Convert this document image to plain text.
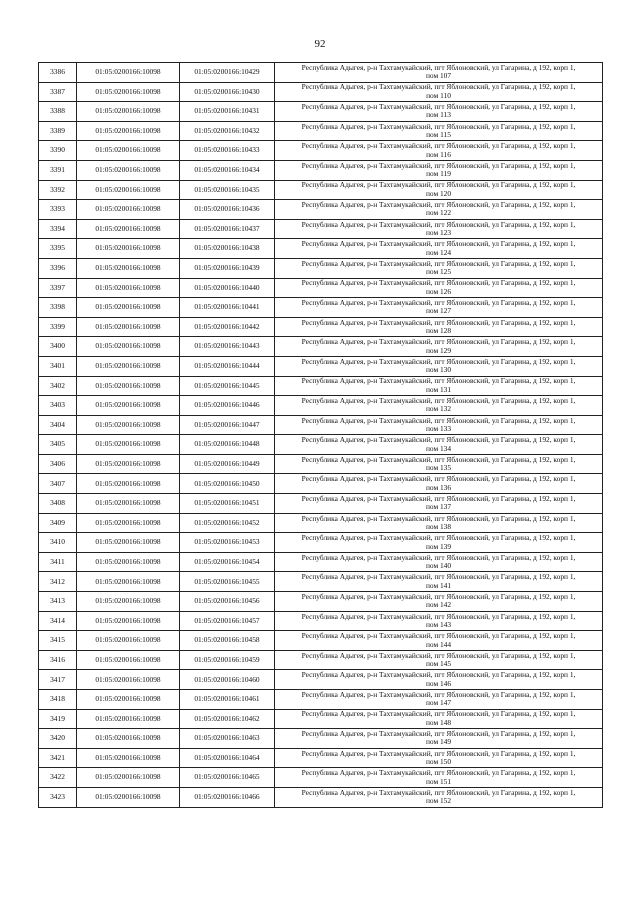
92
3386	01:05:0200166:10098	01:05:0200166:10429	Республика Адыгея, р-н Тахтамукайский, пгт Яблоновский, ул Гагарина, д 192, корп 1,
пом 107

3387	01:05:0200166:10098	01:05:0200166:10430	Республика Адыгея, р-н Тахтамукайский, пгт Яблоновский, ул Гагарина, д 192, корп 1,
пом 110

3388	01:05:0200166:10098	01:05:0200166:10431	Республика Адыгея, р-н Тахтамукайский, пгт Яблоновский, ул Гагарина, д 192, корп 1,
пом 113

3389	01:05:0200166:10098	01:05:0200166:10432	Республика Адыгея, р-н Тахтамукайский, пгт Яблоновский, ул Гагарина, д 192, корп 1,
пом 115

3390	01:05:0200166:10098	01:05:0200166:10433	Республика Адыгея, р-н Тахтамукайский, пгт Яблоновский, ул Гагарина, д 192, корп 1,
пом 116

3391	01:05:0200166:10098	01:05:0200166:10434	Республика Адыгея, р-н Тахтамукайский, пгт Яблоновский, ул Гагарина, д 192, корп 1,
пом 119

3392	01:05:0200166:10098	01:05:0200166:10435	Республика Адыгея, р-н Тахтамукайский, пгт Яблоновский, ул Гагарина, д 192, корп 1,
пом 120

3393	01:05:0200166:10098	01:05:0200166:10436	Республика Адыгея, р-н Тахтамукайский, пгт Яблоновский, ул Гагарина, д 192, корп 1,
пом 122

3394	01:05:0200166:10098	01:05:0200166:10437	Республика Адыгея, р-н Тахтамукайский, пгт Яблоновский, ул Гагарина, д 192, корп 1,
пом 123

3395	01:05:0200166:10098	01:05:0200166:10438	Республика Адыгея, р-н Тахтамукайский, пгт Яблоновский, ул Гагарина, д 192, корп 1,
пом 124

3396	01:05:0200166:10098	01:05:0200166:10439	Республика Адыгея, р-н Тахтамукайский, пгт Яблоновский, ул Гагарина, д 192, корп 1,
пом 125

3397	01:05:0200166:10098	01:05:0200166:10440	Республика Адыгея, р-н Тахтамукайский, пгт Яблоновский, ул Гагарина, д 192, корп 1,
пом 126

3398	01:05:0200166:10098	01:05:0200166:10441	Республика Адыгея, р-н Тахтамукайский, пгт Яблоновский, ул Гагарина, д 192, корп 1,
пом 127

3399	01:05:0200166:10098	01:05:0200166:10442	Республика Адыгея, р-н Тахтамукайский, пгт Яблоновский, ул Гагарина, д 192, корп 1,
пом 128

3400	01:05:0200166:10098	01:05:0200166:10443	Республика Адыгея, р-н Тахтамукайский, пгт Яблоновский, ул Гагарина, д 192, корп 1,
пом 129

3401	01:05:0200166:10098	01:05:0200166:10444	Республика Адыгея, р-н Тахтамукайский, пгт Яблоновский, ул Гагарина, д 192, корп 1,
пом 130

3402	01:05:0200166:10098	01:05:0200166:10445	Республика Адыгея, р-н Тахтамукайский, пгт Яблоновский, ул Гагарина, д 192, корп 1,
пом 131

3403	01:05:0200166:10098	01:05:0200166:10446	Республика Адыгея, р-н Тахтамукайский, пгт Яблоновский, ул Гагарина, д 192, корп 1,
пом 132

3404	01:05:0200166:10098	01:05:0200166:10447	Республика Адыгея, р-н Тахтамукайский, пгт Яблоновский, ул Гагарина, д 192, корп 1,
пом 133

3405	01:05:0200166:10098	01:05:0200166:10448	Республика Адыгея, р-н Тахтамукайский, пгт Яблоновский, ул Гагарина, д 192, корп 1,
пом 134

3406	01:05:0200166:10098	01:05:0200166:10449	Республика Адыгея, р-н Тахтамукайский, пгт Яблоновский, ул Гагарина, д 192, корп 1,
пом 135

3407	01:05:0200166:10098	01:05:0200166:10450	Республика Адыгея, р-н Тахтамукайский, пгт Яблоновский, ул Гагарина, д 192, корп 1,
пом 136

3408	01:05:0200166:10098	01:05:0200166:10451	Республика Адыгея, р-н Тахтамукайский, пгт Яблоновский, ул Гагарина, д 192, корп 1,
пом 137

3409	01:05:0200166:10098	01:05:0200166:10452	Республика Адыгея, р-н Тахтамукайский, пгт Яблоновский, ул Гагарина, д 192, корп 1,
пом 138

3410	01:05:0200166:10098	01:05:0200166:10453	Республика Адыгея, р-н Тахтамукайский, пгт Яблоновский, ул Гагарина, д 192, корп 1,
пом 139

3411	01:05:0200166:10098	01:05:0200166:10454	Республика Адыгея, р-н Тахтамукайский, пгт Яблоновский, ул Гагарина, д 192, корп 1,
пом 140

3412	01:05:0200166:10098	01:05:0200166:10455	Республика Адыгея, р-н Тахтамукайский, пгт Яблоновский, ул Гагарина, д 192, корп 1,
пом 141

3413	01:05:0200166:10098	01:05:0200166:10456	Республика Адыгея, р-н Тахтамукайский, пгт Яблоновский, ул Гагарина, д 192, корп 1,
пом 142

3414	01:05:0200166:10098	01:05:0200166:10457	Республика Адыгея, р-н Тахтамукайский, пгт Яблоновский, ул Гагарина, д 192, корп 1,
пом 143

3415	01:05:0200166:10098	01:05:0200166:10458	Республика Адыгея, р-н Тахтамукайский, пгт Яблоновский, ул Гагарина, д 192, корп 1,
пом 144

3416	01:05:0200166:10098	01:05:0200166:10459	Республика Адыгея, р-н Тахтамукайский, пгт Яблоновский, ул Гагарина, д 192, корп 1,
пом 145

3417	01:05:0200166:10098	01:05:0200166:10460	Республика Адыгея, р-н Тахтамукайский, пгт Яблоновский, ул Гагарина, д 192, корп 1,
пом 146

3418	01:05:0200166:10098	01:05:0200166:10461	Республика Адыгея, р-н Тахтамукайский, пгт Яблоновский, ул Гагарина, д 192, корп 1,
пом 147

3419	01:05:0200166:10098	01:05:0200166:10462	Республика Адыгея, р-н Тахтамукайский, пгт Яблоновский, ул Гагарина, д 192, корп 1,
пом 148

3420	01:05:0200166:10098	01:05:0200166:10463	Республика Адыгея, р-н Тахтамукайский, пгт Яблоновский, ул Гагарина, д 192, корп 1,
пом 149

3421	01:05:0200166:10098	01:05:0200166:10464	Республика Адыгея, р-н Тахтамукайский, пгт Яблоновский, ул Гагарина, д 192, корп 1,
пом 150

3422	01:05:0200166:10098	01:05:0200166:10465	Республика Адыгея, р-н Тахтамукайский, пгт Яблоновский, ул Гагарина, д 192, корп 1,
пом 151

3423	01:05:0200166:10098	01:05:0200166:10466	Республика Адыгея, р-н Тахтамукайский, пгт Яблоновский, ул Гагарина, д 192, корп 1,
пом 152
